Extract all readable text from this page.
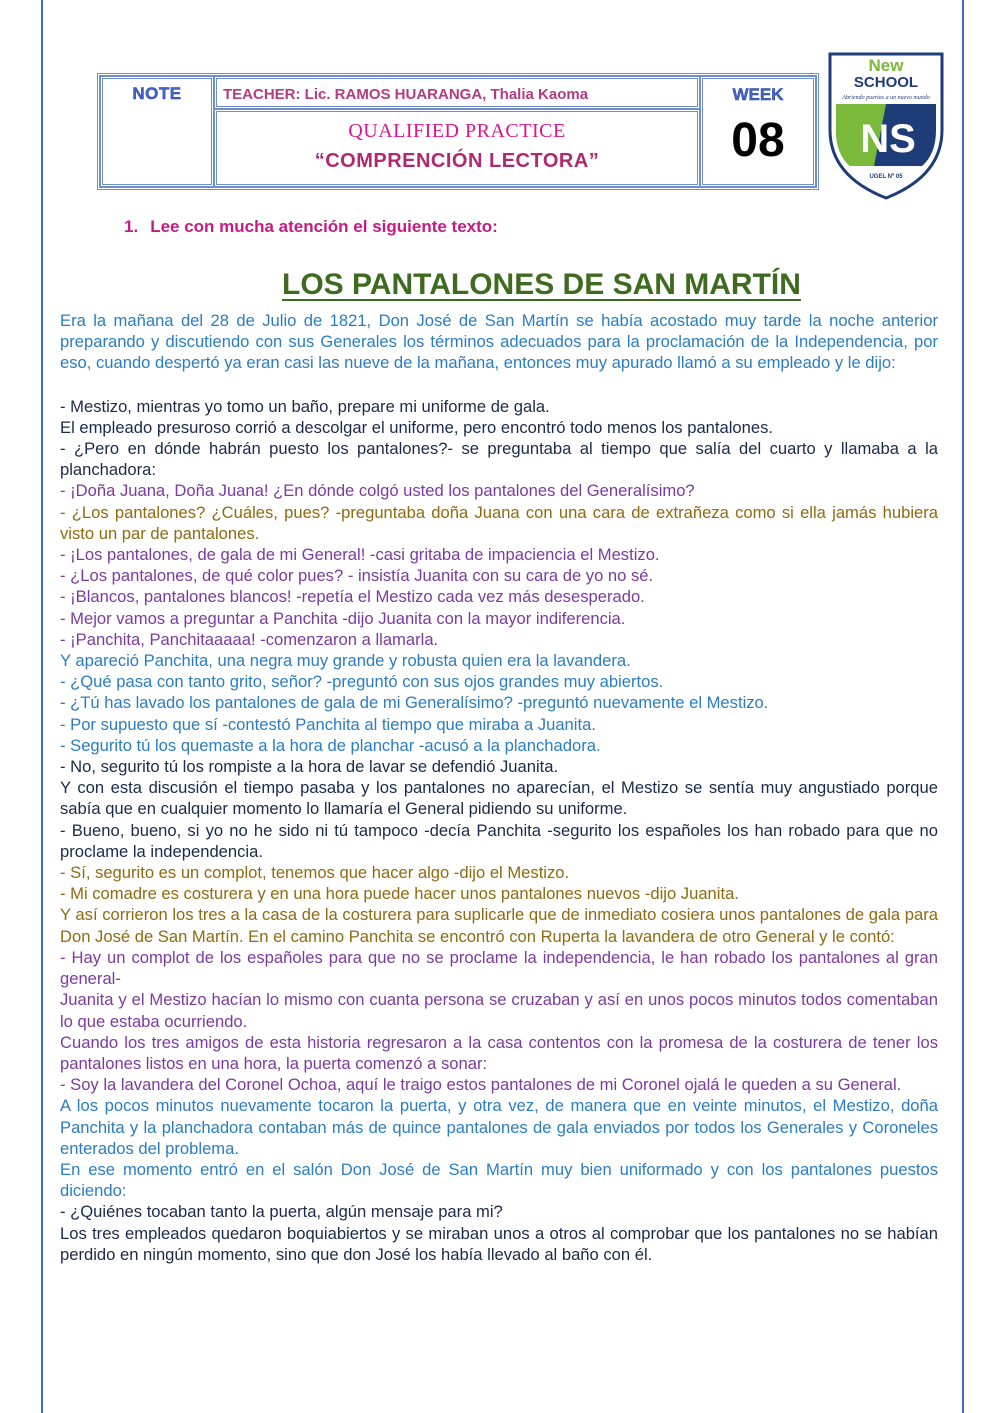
NOTE	TEACHER: Lic. RAMOS HUARANGA, Thalia Kaoma
QUALIFIED PRACTICE
“COMPRENCIÓN LECTORA”
WEEK
08	NS
New
SCHOOL
Abriendo puertas a un nuevo mundo
UGEL Nº 05
1. Lee con mucha atención el siguiente texto:
LOS PANTALONES DE SAN MARTÍN

Era la mañana del 28 de Julio de 1821, Don José de San Martín se había acostado muy tarde la noche anterior preparando y discutiendo con sus Generales los términos adecuados para la proclamación de la Independencia, por eso, cuando despertó ya eran casi las nueve de la mañana, entonces muy apurado llamó a su empleado y le dijo:

- Mestizo, mientras yo tomo un baño, prepare mi uniforme de gala.

El empleado presuroso corrió a descolgar el uniforme, pero encontró todo menos los pantalones.

- ¿Pero en dónde habrán puesto los pantalones?- se preguntaba al tiempo que salía del cuarto y llamaba a la planchadora:

- ¡Doña Juana, Doña Juana! ¿En dónde colgó usted los pantalones del Generalísimo?

- ¿Los pantalones? ¿Cuáles, pues? -preguntaba doña Juana con una cara de extrañeza como si ella jamás hubiera visto un par de pantalones.

- ¡Los pantalones, de gala de mi General! -casi gritaba de impaciencia el Mestizo.

- ¿Los pantalones, de qué color pues? - insistía Juanita con su cara de yo no sé.

- ¡Blancos, pantalones blancos! -repetía el Mestizo cada vez más desesperado.

- Mejor vamos a preguntar a Panchita -dijo Juanita con la mayor indiferencia.

- ¡Panchita, Panchitaaaaa! -comenzaron a llamarla.

Y apareció Panchita, una negra muy grande y robusta quien era la lavandera.

- ¿Qué pasa con tanto grito, señor? -preguntó con sus ojos grandes muy abiertos.

- ¿Tú has lavado los pantalones de gala de mi Generalísimo? -preguntó nuevamente el Mestizo.

- Por supuesto que sí -contestó Panchita al tiempo que miraba a Juanita.

- Segurito tú los quemaste a la hora de planchar -acusó a la planchadora.

- No, segurito tú los rompiste a la hora de lavar se defendió Juanita.

Y con esta discusión el tiempo pasaba y los pantalones no aparecían, el Mestizo se sentía muy angustiado porque sabía que en cualquier momento lo llamaría el General pidiendo su uniforme.

- Bueno, bueno, si yo no he sido ni tú tampoco -decía Panchita -segurito los españoles los han robado para que no proclame la independencia.

- Sí, segurito es un complot, tenemos que hacer algo -dijo el Mestizo.

- Mi comadre es costurera y en una hora puede hacer unos pantalones nuevos -dijo Juanita.

Y así corrieron los tres a la casa de la costurera para suplicarle que de inmediato cosiera unos pantalones de gala para Don José de San Martín. En el camino Panchita se encontró con Ruperta la lavandera de otro General y le contó:

- Hay un complot de los españoles para que no se proclame la independencia, le han robado los pantalones al gran general-

Juanita y el Mestizo hacían lo mismo con cuanta persona se cruzaban y así en unos pocos minutos todos comentaban lo que estaba ocurriendo.

Cuando los tres amigos de esta historia regresaron a la casa contentos con la promesa de la costurera de tener los pantalones listos en una hora, la puerta comenzó a sonar:

- Soy la lavandera del Coronel Ochoa, aquí le traigo estos pantalones de mi Coronel ojalá le queden a su General.

A los pocos minutos nuevamente tocaron la puerta, y otra vez, de manera que en veinte minutos, el Mestizo, doña Panchita y la planchadora contaban más de quince pantalones de gala enviados por todos los Generales y Coroneles enterados del problema.

En ese momento entró en el salón Don José de San Martín muy bien uniformado y con los pantalones puestos diciendo:

- ¿Quiénes tocaban tanto la puerta, algún mensaje para mi?

Los tres empleados quedaron boquiabiertos y se miraban unos a otros al comprobar que los pantalones no se habían perdido en ningún momento, sino que don José los había llevado al baño con él.
